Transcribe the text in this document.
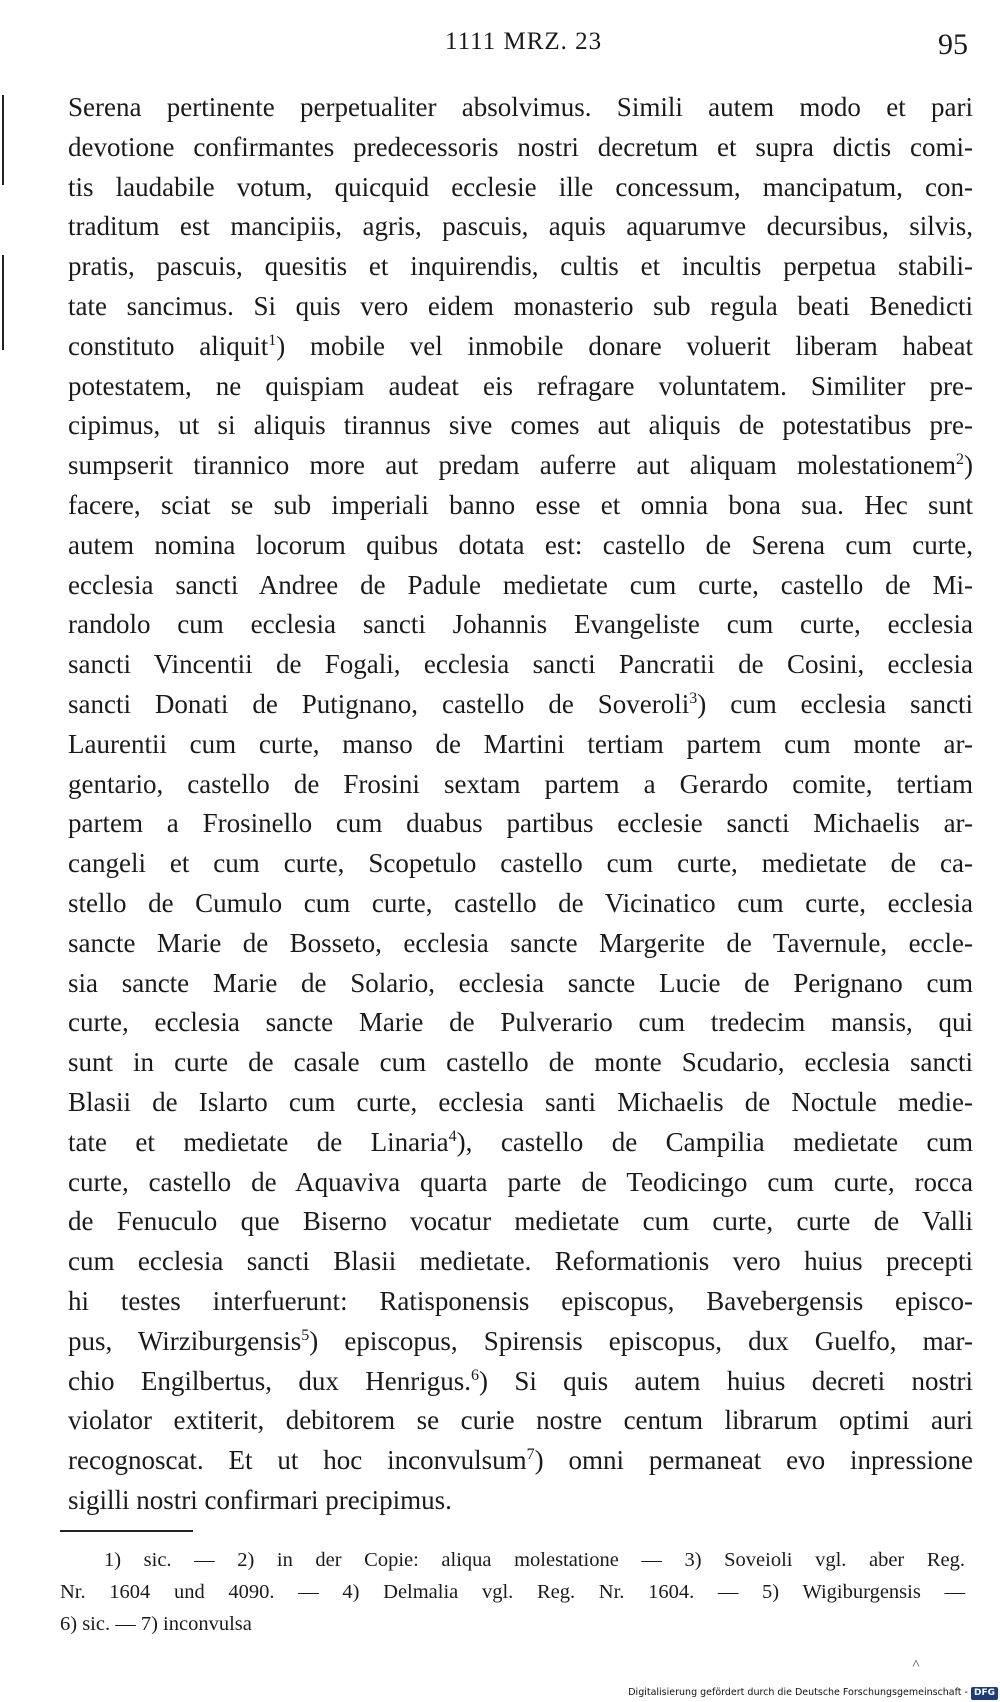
1111 MRZ. 23	95
Serena pertinente perpetualiter absolvimus. Simili autem modo et pari
devotione confirmantes predecessoris nostri decretum et supra dictis comi-
tis laudabile votum, quicquid ecclesie ille concessum, mancipatum, con-
traditum est mancipiis, agris, pascuis, aquis aquarumve decursibus, silvis,
pratis, pascuis, quesitis et inquirendis, cultis et incultis perpetua stabili-
tate sancimus. Si quis vero eidem monasterio sub regula beati Benedicti
constituto aliquit$^1$) mobile vel inmobile donare voluerit liberam habeat
potestatem, ne quispiam audeat eis refragare voluntatem. Similiter pre-
cipimus, ut si aliquis tirannus sive comes aut aliquis de potestatibus pre-
sumpserit tirannico more aut predam auferre aut aliquam molestationem$^2$)
facere, sciat se sub imperiali banno esse et omnia bona sua. Hec sunt
autem nomina locorum quibus dotata est: castello de Serena cum curte,
ecclesia sancti Andree de Padule medietate cum curte, castello de Mi-
randolo cum ecclesia sancti Johannis Evangeliste cum curte, ecclesia
sancti Vincentii de Fogali, ecclesia sancti Pancratii de Cosini, ecclesia
sancti Donati de Putignano, castello de Soveroli$^3$) cum ecclesia sancti
Laurentii cum curte, manso de Martini tertiam partem cum monte ar-
gentario, castello de Frosini sextam partem a Gerardo comite, tertiam
partem a Frosinello cum duabus partibus ecclesie sancti Michaelis ar-
cangeli et cum curte, Scopetulo castello cum curte, medietate de ca-
stello de Cumulo cum curte, castello de Vicinatico cum curte, ecclesia
sancte Marie de Bosseto, ecclesia sancte Margerite de Tavernule, eccle-
sia sancte Marie de Solario, ecclesia sancte Lucie de Perignano cum
curte, ecclesia sancte Marie de Pulverario cum tredecim mansis, qui
sunt in curte de casale cum castello de monte Scudario, ecclesia sancti
Blasii de Islarto cum curte, ecclesia santi Michaelis de Noctule medie-
tate et medietate de Linaria$^4$), castello de Campilia medietate cum
curte, castello de Aquaviva quarta parte de Teodicingo cum curte, rocca
de Fenuculo que Biserno vocatur medietate cum curte, curte de Valli
cum ecclesia sancti Blasii medietate. Reformationis vero huius precepti
hi testes interfuerunt: Ratisponensis episcopus, Bavebergensis episco-
pus, Wirziburgensis$^5$) episcopus, Spirensis episcopus, dux Guelfo, mar-
chio Engilbertus, dux Henrigus.$^6$) Si quis autem huius decreti nostri
violator extiterit, debitorem se curie nostre centum librarum optimi auri
recognoscat. Et ut hoc inconvulsum$^7$) omni permaneat evo inpressione
sigilli nostri confirmari precipimus.
1) sic. — 2) in der Copie: aliqua molestatione — 3) Soveioli vgl. aber Reg.
Nr. 1604 und 4090. — 4) Delmalia vgl. Reg. Nr. 1604. — 5) Wigiburgensis —
6) sic. — 7) inconvulsa
˄
Digitalisierung gefördert durch die Deutsche Forschungsgemeinschaft - DFG
